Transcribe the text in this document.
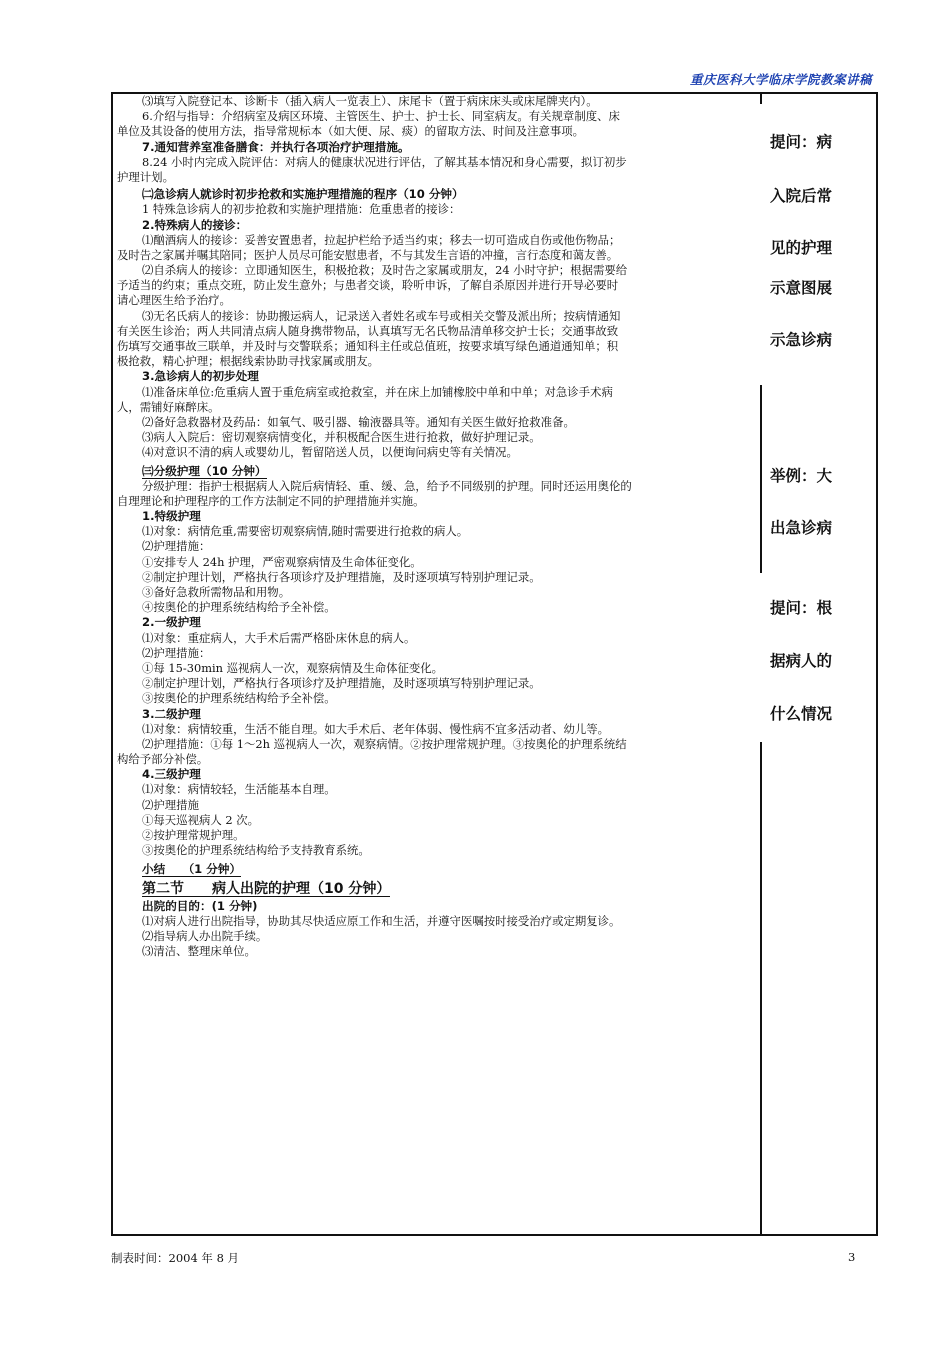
重庆医科大学临床学院教案讲稿
⑶填写入院登记本、诊断卡（插入病人一览表上）、床尾卡（置于病床床头或床尾牌夹内）。
6.介绍与指导：介绍病室及病区环境、主管医生、护士、护士长、同室病友。有关规章制度、床
单位及其设备的使用方法，指导常规标本（如大便、尿、痰）的留取方法、时间及注意事项。
7.通知营养室准备膳食：并执行各项治疗护理措施。
8.24 小时内完成入院评估：对病人的健康状况进行评估，了解其基本情况和身心需要，拟订初步
护理计划。
㈡急诊病人就诊时初步抢救和实施护理措施的程序（10 分钟）
1 特殊急诊病人的初步抢救和实施护理措施：危重患者的接诊：
2.特殊病人的接诊：
⑴酗酒病人的接诊：妥善安置患者，拉起护栏给予适当约束；移去一切可造成自伤或他伤物品；
及时告之家属并嘱其陪同；医护人员尽可能安慰患者，不与其发生言语的冲撞，言行态度和蔼友善。
⑵自杀病人的接诊：立即通知医生，积极抢救；及时告之家属或朋友，24 小时守护；根据需要给
予适当的约束；重点交班，防止发生意外；与患者交谈，聆听申诉，了解自杀原因并进行开导必要时
请心理医生给予治疗。
⑶无名氏病人的接诊：协助搬运病人，记录送入者姓名或车号或相关交警及派出所；按病情通知
有关医生诊治；两人共同清点病人随身携带物品，认真填写无名氏物品清单移交护士长；交通事故致
伤填写交通事故三联单，并及时与交警联系；通知科主任或总值班，按要求填写绿色通道通知单；积
极抢救，精心护理；根据线索协助寻找家属或朋友。
3.急诊病人的初步处理
⑴准备床单位:危重病人置于重危病室或抢救室，并在床上加铺橡胶中单和中单；对急诊手术病
人，需铺好麻醉床。
⑵备好急救器材及药品：如氧气、吸引器、输液器具等。通知有关医生做好抢救准备。
⑶病人入院后：密切观察病情变化，并积极配合医生进行抢救，做好护理记录。
⑷对意识不清的病人或婴幼儿，暂留陪送人员，以便询问病史等有关情况。
㈢分级护理（10 分钟）
分级护理：指护士根据病人入院后病情轻、重、缓、急，给予不同级别的护理。同时还运用奥伦的
自理理论和护理程序的工作方法制定不同的护理措施并实施。
1.特级护理
⑴对象：病情危重,需要密切观察病情,随时需要进行抢救的病人。
⑵护理措施：
①安排专人 24h 护理，严密观察病情及生命体征变化。
②制定护理计划，严格执行各项诊疗及护理措施，及时逐项填写特别护理记录。
③备好急救所需物品和用物。
④按奥伦的护理系统结构给予全补偿。
2.一级护理
⑴对象：重症病人，大手术后需严格卧床休息的病人。
⑵护理措施：
①每 15-30min 巡视病人一次，观察病情及生命体征变化。
②制定护理计划，严格执行各项诊疗及护理措施，及时逐项填写特别护理记录。
③按奥伦的护理系统结构给予全补偿。
3.二级护理
⑴对象：病情较重，生活不能自理。如大手术后、老年体弱、慢性病不宜多活动者、幼儿等。
⑵护理措施：①每 1～2h 巡视病人一次，观察病情。②按护理常规护理。③按奥伦的护理系统结
构给予部分补偿。
4.三级护理
⑴对象：病情较轻，生活能基本自理。
⑵护理措施
①每天巡视病人 2 次。
②按护理常规护理。
③按奥伦的护理系统结构给予支持教育系统。
小结　　（1 分钟）
第二节　　病人出院的护理（10 分钟）
出院的目的：(1 分钟)
⑴对病人进行出院指导，协助其尽快适应原工作和生活，并遵守医嘱按时接受治疗或定期复诊。
⑵指导病人办出院手续。
⑶清洁、整理床单位。
提问：病
入院后常
见的护理
示意图展
示急诊病
举例：大
出急诊病
提问：根
据病人的
什么情况
制表时间：2004 年 8 月	3
